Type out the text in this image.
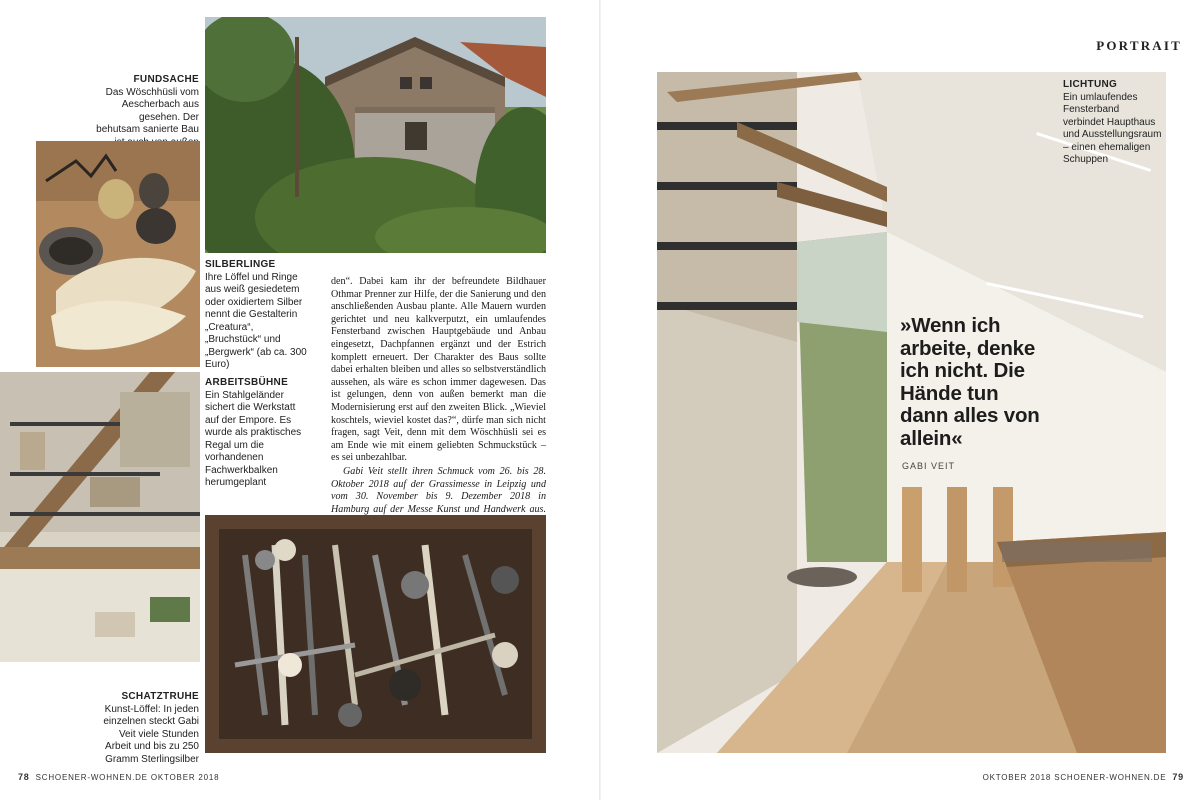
FUNDSACHE
Das Wöschhüsli vom Aescherbach aus gesehen. Der behutsam sanierte Bau
SILBERLINGE
Ihre Löffel und Ringe aus weiß gesiedetem oder oxidiertem Silber nennt die Gestalterin „Creatura“, „Bruchstück“ und „Bergwerk“ (ab ca. 300 Euro)
ARBEITSBÜHNE
Ein Stahlgeländer sichert die Werkstatt auf der Empore. Es wurde als praktisches Regal um die vorhandenen Fachwerkbalken herumgeplant

den“. Dabei kam ihr der befreundete Bildhauer Othmar Prenner zur Hilfe, der die Sanierung und den anschließenden Ausbau plante. Alle Mauern wurden gerichtet und neu kalkverputzt, ein umlaufendes Fensterband zwischen Hauptgebäude und Anbau eingesetzt, Dachpfannen ergänzt und der Estrich komplett erneuert. Der Charakter des Baus sollte dabei erhalten bleiben und alles so selbstverständlich aussehen, als wäre es schon immer dagewesen. Das ist gelungen, denn von außen bemerkt man die Modernisierung erst auf den zweiten Blick. „Wieviel koschtels, wieviel kostet das?“, dürfe man sich nicht fragen, sagt Veit, denn mit dem Wöschhüsli sei es am Ende wie mit einem geliebten Schmuckstück – es sei unbezahlbar.

Gabi Veit stellt ihren Schmuck vom 26. bis 28. Oktober 2018 auf der Grassimesse in Leipzig und vom 30. November bis 9. Dezember 2018 in Hamburg auf der Messe Kunst und Handwerk aus.

SCHATZTRUHE
Kunst-Löffel: In jeden einzelnen steckt Gabi Veit viele Stunden Arbeit und bis zu 250 Gramm Sterlingsilber
78 SCHOENER-WOHNEN.DE OKTOBER 2018
PORTRAIT
LICHTUNG
Ein umlaufendes Fensterband verbindet Haupthaus und Ausstellungsraum – einen ehemaligen Schuppen
»Wenn ich arbeite, denke ich nicht. Die Hände tun dann alles von allein«
GABI VEIT
OKTOBER 2018 SCHOENER-WOHNEN.DE 79
